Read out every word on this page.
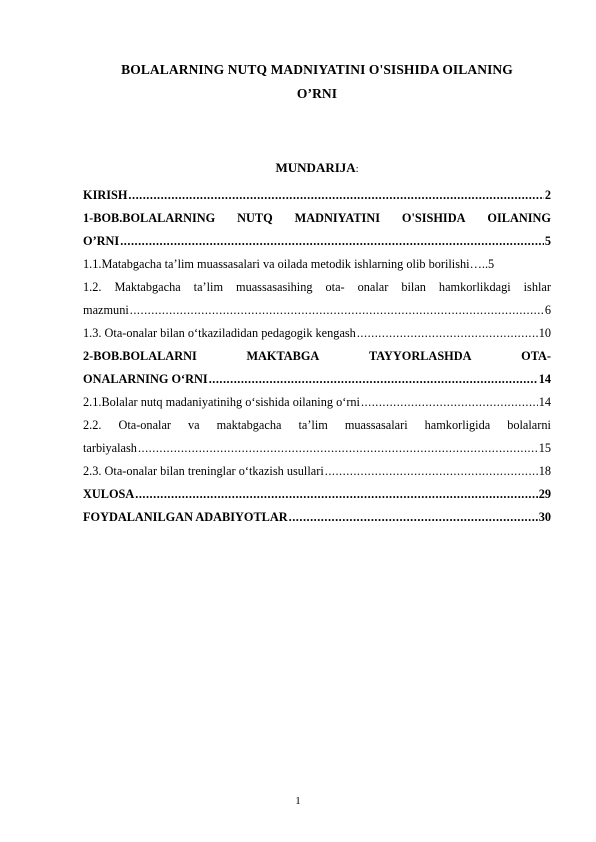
BOLALARNING NUTQ MADNIYATINI O'SISHIDA OILANING
O’RNI
MUNDARIJA:
KIRISH .....	2
1-BOB.BOLALARNING NUTQ MADNIYATINI O'SISHIDA OILANING
O’RNI .....	5
1.1.Matabgacha ta’lim muassasalari va oilada metodik ishlarning olib borilishi ….. 5
1.2. Maktabgacha ta’lim muassasasihing ota- onalar bilan hamkorlikdagi ishlar
mazmuni .....	6
1.3. Ota-onalar bilan o‘tkaziladidan pedagogik kengash .....	10
2-BOB.BOLALARNI	MAKTABGA	TAYYORLASHDA	OTA-
ONALARNING O‘RNI .....	14
2.1.Bolalar nutq madaniyatinihg o‘sishida oilaning o‘rni .....	14
2.2. Ota-onalar va maktabgacha ta’lim muassasalari hamkorligida bolalarni
tarbiyalash .....	15
2.3. Ota-onalar bilan treninglar o‘tkazish usullari .....	18
XULOSA .....	29
FOYDALANILGAN ADABIYOTLAR .....	30
1
